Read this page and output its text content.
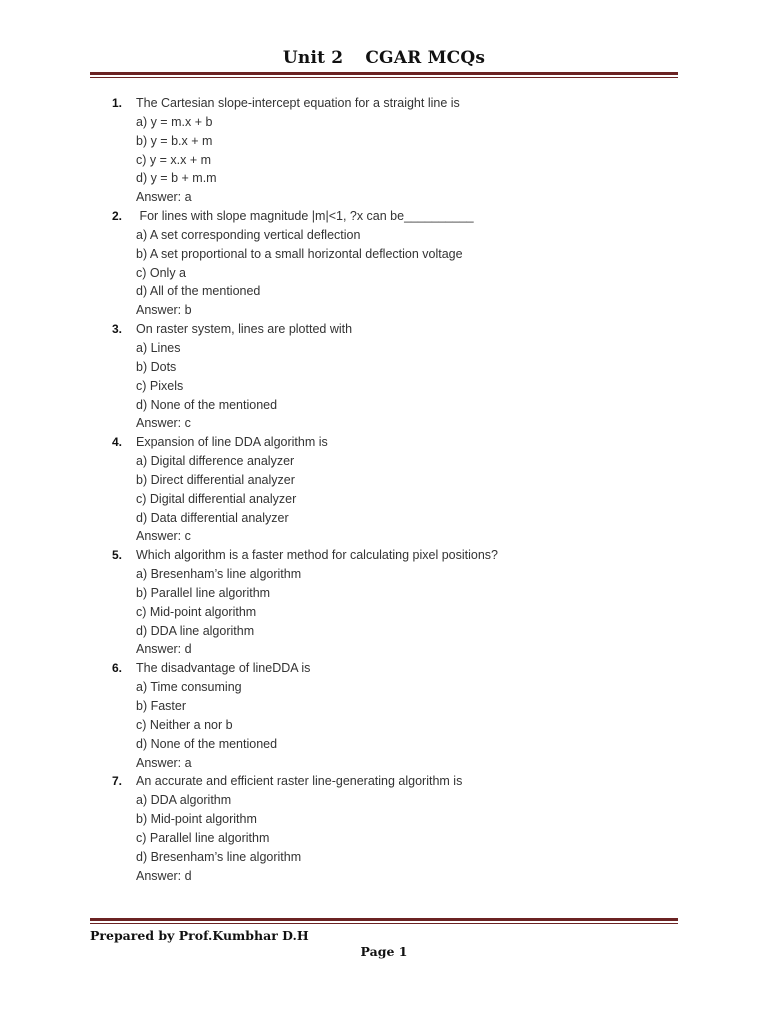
Unit 2 CGAR MCQs
1. The Cartesian slope-intercept equation for a straight line is
a) y = m.x + b
b) y = b.x + m
c) y = x.x + m
d) y = b + m.m
Answer: a
2. For lines with slope magnitude |m|<1, ?x can be__________
a) A set corresponding vertical deflection
b) A set proportional to a small horizontal deflection voltage
c) Only a
d) All of the mentioned
Answer: b
3. On raster system, lines are plotted with
a) Lines
b) Dots
c) Pixels
d) None of the mentioned
Answer: c
4. Expansion of line DDA algorithm is
a) Digital difference analyzer
b) Direct differential analyzer
c) Digital differential analyzer
d) Data differential analyzer
Answer: c
5. Which algorithm is a faster method for calculating pixel positions?
a) Bresenham’s line algorithm
b) Parallel line algorithm
c) Mid-point algorithm
d) DDA line algorithm
Answer: d
6. The disadvantage of lineDDA is
a) Time consuming
b) Faster
c) Neither a nor b
d) None of the mentioned
Answer: a
7. An accurate and efficient raster line-generating algorithm is
a) DDA algorithm
b) Mid-point algorithm
c) Parallel line algorithm
d) Bresenham’s line algorithm
Answer: d
Prepared by Prof.Kumbhar D.H
Page 1
